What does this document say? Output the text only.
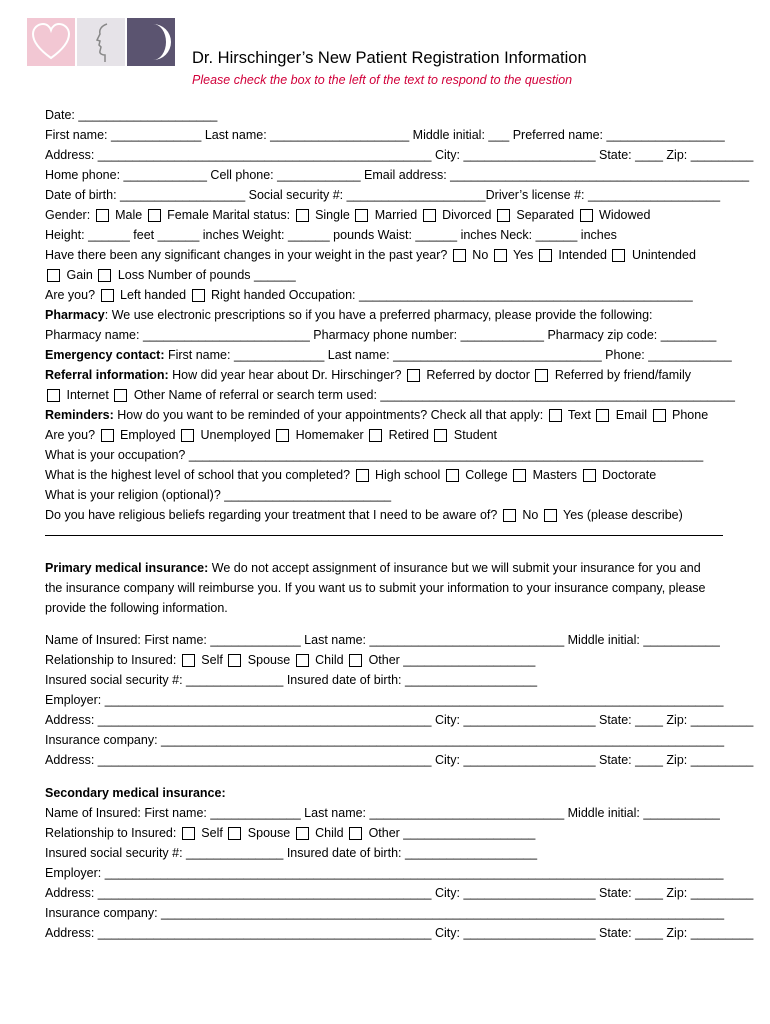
Dr. Hirschinger’s New Patient Registration Information
Please check the box to the left of the text to respond to the question
Date: ____________________
First name: _____________ Last name: ____________________ Middle initial: ___ Preferred name: _________________
Address: ________________________________________________ City: ___________________ State: ____ Zip: _________
Home phone: ____________ Cell phone: ____________ Email address: ___________________________________________
Date of birth: __________________ Social security #: ____________________Driver’s license #: ___________________
Gender:  Male  Female Marital status:  Single  Married  Divorced  Separated  Widowed
Height: ______ feet ______ inches Weight: ______ pounds Waist: ______ inches Neck: ______ inches
Have there been any significant changes in your weight in the past year?  No  Yes  Intended  Unintended
Gain  Loss Number of pounds ______
Are you?  Left handed  Right handed Occupation: ________________________________________________
Pharmacy: We use electronic prescriptions so if you have a preferred pharmacy, please provide the following:
Pharmacy name: ________________________ Pharmacy phone number: ____________ Pharmacy zip code: ________
Emergency contact: First name: _____________ Last name: ______________________________ Phone: ____________
Referral information: How did year hear about Dr. Hirschinger?  Referred by doctor  Referred by friend/family
Internet  Other Name of referral or search term used: ___________________________________________________
Reminders: How do you want to be reminded of your appointments? Check all that apply:  Text  Email  Phone
Are you?  Employed  Unemployed  Homemaker  Retired  Student
What is your occupation? __________________________________________________________________________
What is the highest level of school that you completed?  High school  College  Masters  Doctorate
What is your religion (optional)? ________________________
Do you have religious beliefs regarding your treatment that I need to be aware of?  No  Yes (please describe)
Primary medical insurance: We do not accept assignment of insurance but we will submit your insurance for you and
the insurance company will reimburse you. If you want us to submit your information to your insurance company, please
provide the following information.
Name of Insured: First name: _____________ Last name: ____________________________ Middle initial: ___________
Relationship to Insured:  Self  Spouse  Child  Other ___________________
Insured social security #: ______________ Insured date of birth: ___________________
Employer: _________________________________________________________________________________________
Address: ________________________________________________ City: ___________________ State: ____ Zip: _________
Insurance company: _________________________________________________________________________________
Address: ________________________________________________ City: ___________________ State: ____ Zip: _________
Secondary medical insurance:
Name of Insured: First name: _____________ Last name: ____________________________ Middle initial: ___________
Relationship to Insured:  Self  Spouse  Child  Other ___________________
Insured social security #: ______________ Insured date of birth: ___________________
Employer: _________________________________________________________________________________________
Address: ________________________________________________ City: ___________________ State: ____ Zip: _________
Insurance company: _________________________________________________________________________________
Address: ________________________________________________ City: ___________________ State: ____ Zip: _________
